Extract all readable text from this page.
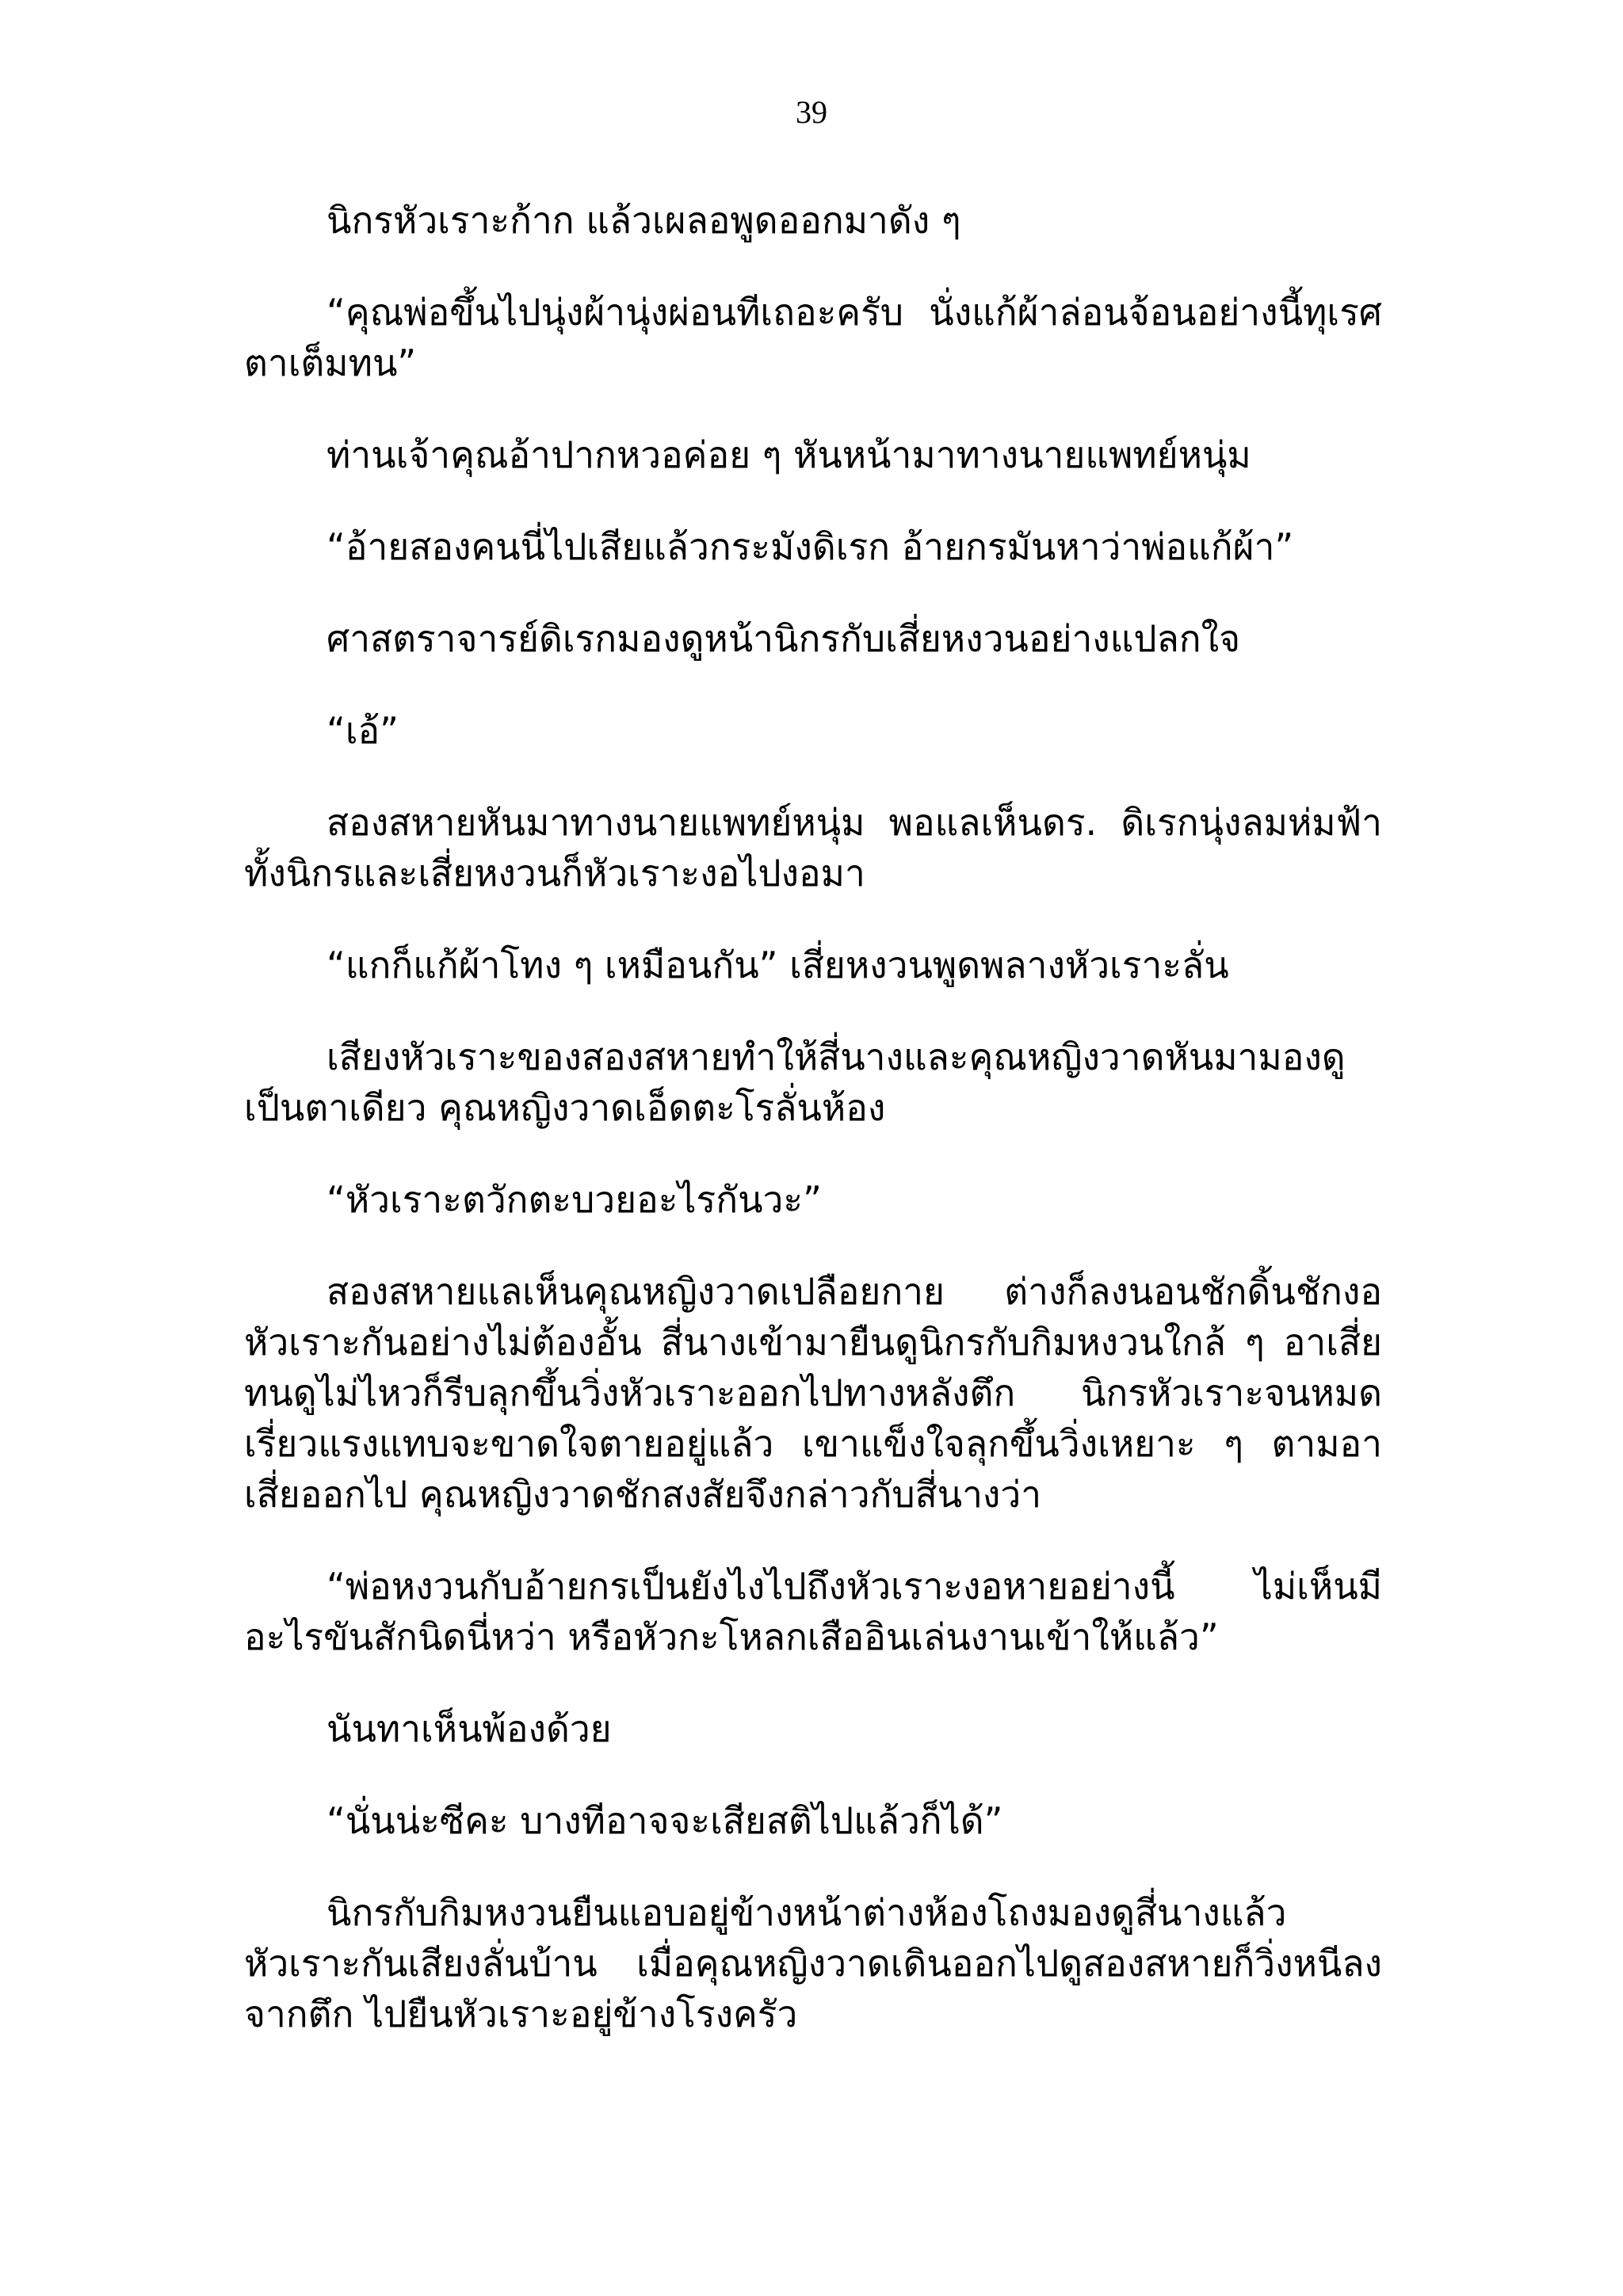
39

นิกรหัวเราะก้าก แล้วเผลอพูดออกมาดัง ๆ

“คุณพ่อขึ้นไปนุ่งผ้านุ่งผ่อนทีเถอะครับ นั่งแก้ผ้าล่อนจ้อนอย่างนี้ทุเรศตาเต็มทน”

ท่านเจ้าคุณอ้าปากหวอค่อย ๆ หันหน้ามาทางนายแพทย์หนุ่ม

“อ้ายสองคนนี่ไปเสียแล้วกระมังดิเรก อ้ายกรมันหาว่าพ่อแก้ผ้า”

ศาสตราจารย์ดิเรกมองดูหน้านิกรกับเสี่ยหงวนอย่างแปลกใจ

“เอ้”

สองสหายหันมาทางนายแพทย์หนุ่ม พอแลเห็นดร. ดิเรกนุ่งลมห่มฟ้าทั้งนิกรและเสี่ยหงวนก็หัวเราะงอไปงอมา

“แกก็แก้ผ้าโทง ๆ เหมือนกัน” เสี่ยหงวนพูดพลางหัวเราะลั่น

เสียงหัวเราะของสองสหายทำให้สี่นางและคุณหญิงวาดหันมามองดูเป็นตาเดียว คุณหญิงวาดเอ็ดตะโรลั่นห้อง

“หัวเราะตวักตะบวยอะไรกันวะ”

สองสหายแลเห็นคุณหญิงวาดเปลือยกาย ต่างก็ลงนอนชักดิ้นชักงอหัวเราะกันอย่างไม่ต้องอั้น สี่นางเข้ามายืนดูนิกรกับกิมหงวนใกล้ ๆ อาเสี่ยทนดูไม่ไหวก็รีบลุกขึ้นวิ่งหัวเราะออกไปทางหลังตึก นิกรหัวเราะจนหมดเรี่ยวแรงแทบจะขาดใจตายอยู่แล้ว เขาแข็งใจลุกขึ้นวิ่งเหยาะ ๆ ตามอาเสี่ยออกไป คุณหญิงวาดชักสงสัยจึงกล่าวกับสี่นางว่า

“พ่อหงวนกับอ้ายกรเป็นยังไงไปถึงหัวเราะงอหายอย่างนี้ ไม่เห็นมีอะไรขันสักนิดนี่หว่า หรือหัวกะโหลกเสืออินเล่นงานเข้าให้แล้ว”

นันทาเห็นพ้องด้วย

“นั่นน่ะซีคะ บางทีอาจจะเสียสติไปแล้วก็ได้”

นิกรกับกิมหงวนยืนแอบอยู่ข้างหน้าต่างห้องโถงมองดูสี่นางแล้วหัวเราะกันเสียงลั่นบ้าน เมื่อคุณหญิงวาดเดินออกไปดูสองสหายก็วิ่งหนีลงจากตึก ไปยืนหัวเราะอยู่ข้างโรงครัว
